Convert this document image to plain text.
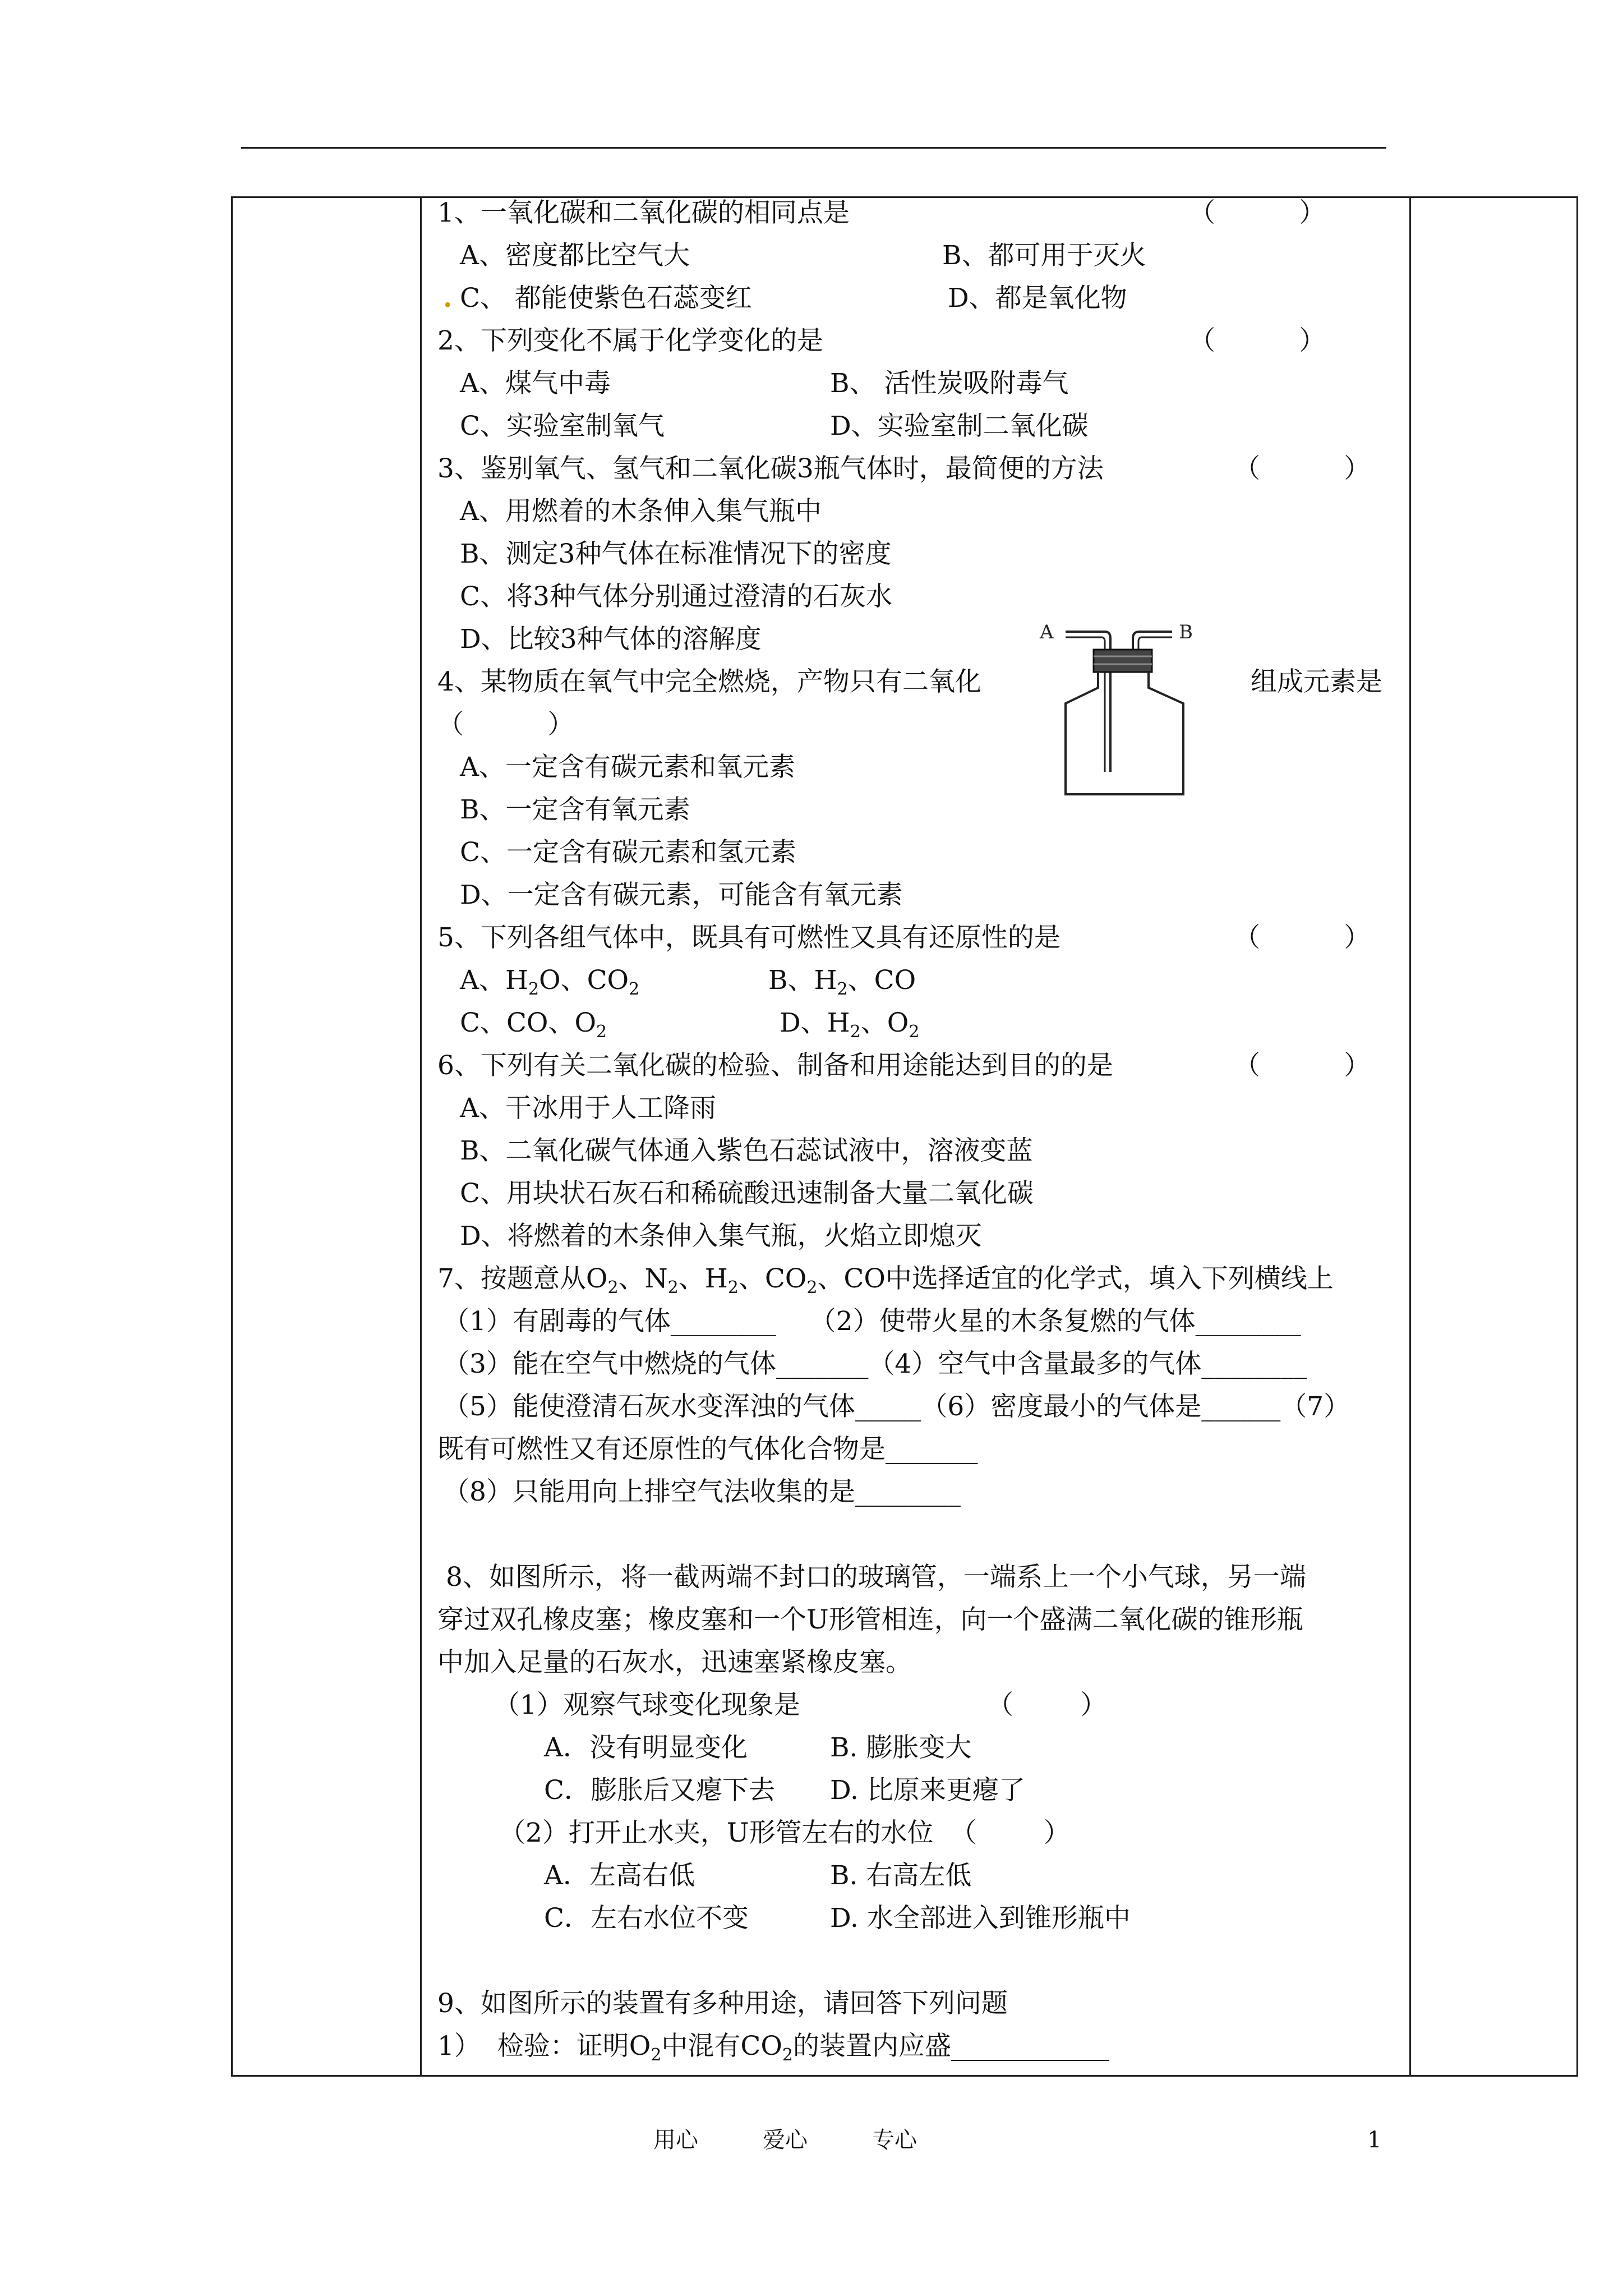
1、一氧化碳和二氧化碳的相同点是	（          ）
A、密度都比空气大	B、都可用于灭火
. C、 都能使紫色石蕊变红	D、都是氧化物
2、下列变化不属于化学变化的是	（          ）
A、煤气中毒	B、 活性炭吸附毒气
C、实验室制氧气	D、实验室制二氧化碳
3、鉴别氧气、氢气和二氧化碳3瓶气体时，最简便的方法	（          ）
A、用燃着的木条伸入集气瓶中
B、测定3种气体在标准情况下的密度
C、将3种气体分别通过澄清的石灰水
D、比较3种气体的溶解度
4、某物质在氧气中完全燃烧，产物只有二氧化	组成元素是
（          ）
A、一定含有碳元素和氧元素
B、一定含有氧元素
C、一定含有碳元素和氢元素
D、一定含有碳元素，可能含有氧元素
5、下列各组气体中，既具有可燃性又具有还原性的是	（          ）
A、$H_2O$、$CO_2$	B、$H_2$、CO
C、CO、$O_2$	D、$H_2$、$O_2$
6、下列有关二氧化碳的检验、制备和用途能达到目的的是	（          ）
A、干冰用于人工降雨
B、二氧化碳气体通入紫色石蕊试液中，溶液变蓝
C、用块状石灰石和稀硫酸迅速制备大量二氧化碳
D、将燃着的木条伸入集气瓶，火焰立即熄灭
7、按题意从$O_2$、$N_2$、$H_2$、$CO_2$、CO中选择适宜的化学式，填入下列横线上
（1）有剧毒的气体________    （2）使带火星的木条复燃的气体________
（3）能在空气中燃烧的气体_______（4）空气中含量最多的气体________
（5）能使澄清石灰水变浑浊的气体_____（6）密度最小的气体是______（7）
既有可燃性又有还原性的气体化合物是_______
（8）只能用向上排空气法收集的是________
8、如图所示，将一截两端不封口的玻璃管，一端系上一个小气球，另一端
穿过双孔橡皮塞；橡皮塞和一个U形管相连，向一个盛满二氧化碳的锥形瓶
中加入足量的石灰水，迅速塞紧橡皮塞。
（1）观察气球变化现象是	（        ）
A．没有明显变化	B. 膨胀变大
C．膨胀后又瘪下去 D. 比原来更瘪了
（2）打开止水夹，U形管左右的水位  （        ）
A．左高右低	B. 右高左低
C．左右水位不变	D. 水全部进入到锥形瓶中
9、如图所示的装置有多种用途，请回答下列问题
1）  检验：证明$O_2$中混有$CO_2$的装置内应盛____________
A	B
用心	爱心	专心	1
